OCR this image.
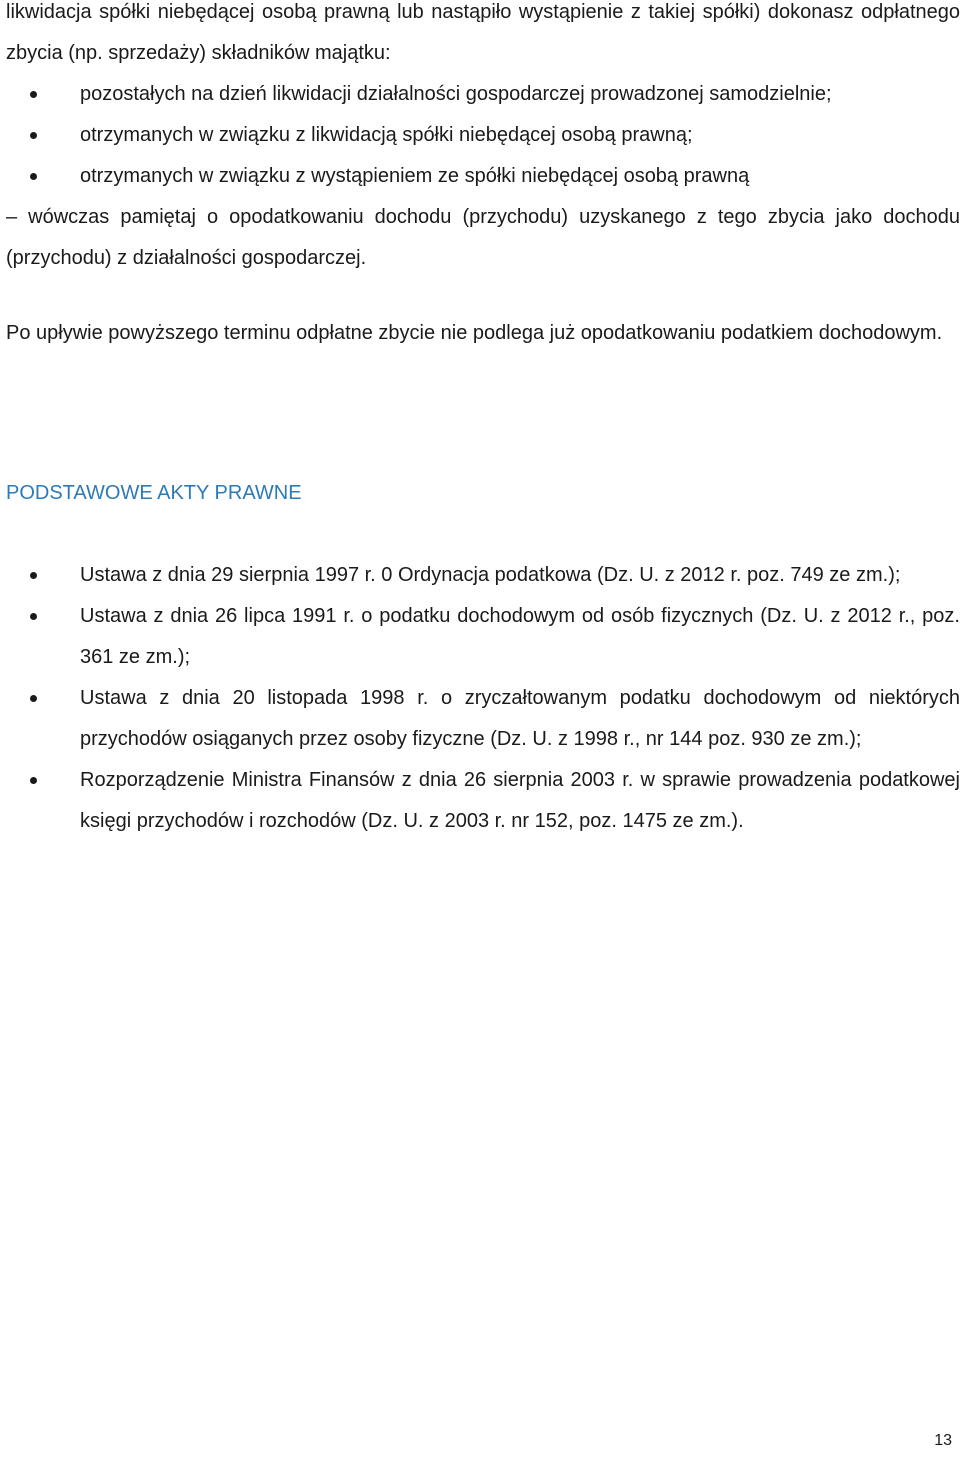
likwidacja spółki niebędącej osobą prawną lub nastąpiło wystąpienie z takiej spółki) dokonasz odpłatnego zbycia (np. sprzedaży) składników majątku:

pozostałych na dzień likwidacji działalności gospodarczej prowadzonej samodzielnie;
otrzymanych w związku z likwidacją spółki niebędącej osobą prawną;
otrzymanych w związku z wystąpieniem ze spółki niebędącej osobą prawną

– wówczas pamiętaj o opodatkowaniu dochodu (przychodu) uzyskanego z tego zbycia jako dochodu (przychodu) z działalności gospodarczej.

Po upływie powyższego terminu odpłatne zbycie nie podlega już opodatkowaniu podatkiem dochodowym.

PODSTAWOWE AKTY PRAWNE
Ustawa z dnia 29 sierpnia 1997 r. 0 Ordynacja podatkowa (Dz. U. z 2012 r. poz. 749 ze zm.);
Ustawa z dnia 26 lipca 1991 r. o podatku dochodowym od osób fizycznych (Dz. U. z 2012 r., poz. 361 ze zm.);
Ustawa z dnia 20 listopada 1998 r. o zryczałtowanym podatku dochodowym od niektórych przychodów osiąganych przez osoby fizyczne (Dz. U. z 1998 r., nr 144 poz. 930 ze zm.);
Rozporządzenie Ministra Finansów z dnia 26 sierpnia 2003 r. w sprawie prowadzenia podatkowej księgi przychodów i rozchodów (Dz. U. z 2003 r. nr 152, poz. 1475 ze zm.).
13
